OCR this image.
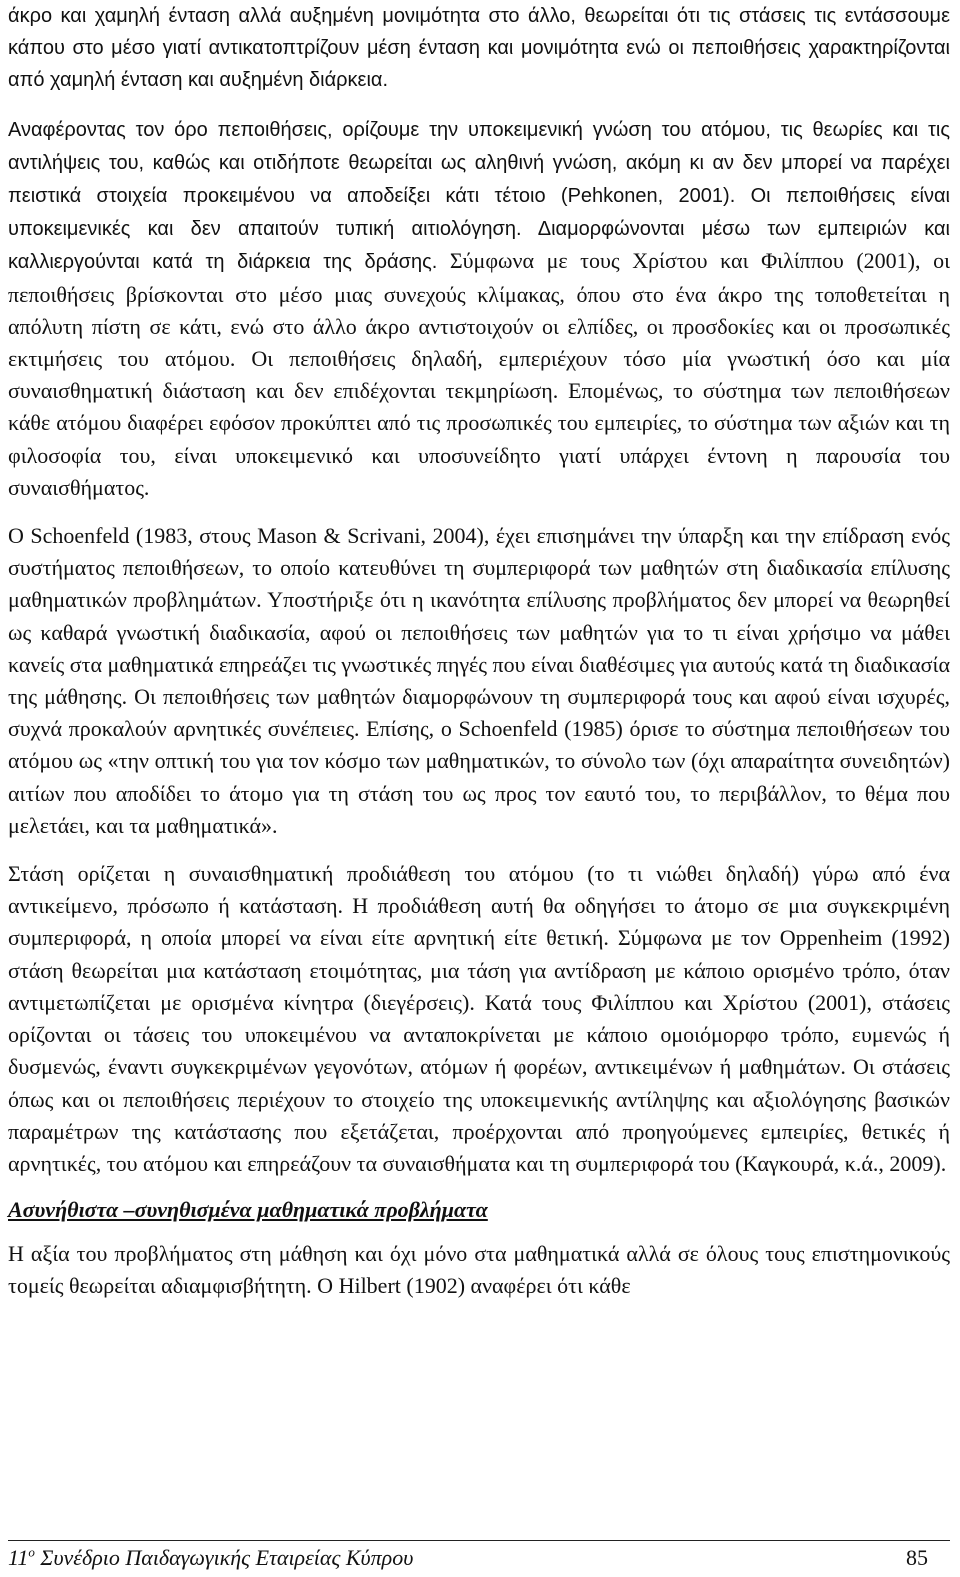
άκρο και χαμηλή ένταση αλλά αυξημένη μονιμότητα στο άλλο, θεωρείται ότι τις στάσεις τις εντάσσουμε κάπου στο μέσο γιατί αντικατοπτρίζουν μέση ένταση και μονιμότητα ενώ οι πεποιθήσεις χαρακτηρίζονται από χαμηλή ένταση και αυξημένη διάρκεια.

Αναφέροντας τον όρο πεποιθήσεις, ορίζουμε την υποκειμενική γνώση του ατόμου, τις θεωρίες και τις αντιλήψεις του, καθώς και οτιδήποτε θεωρείται ως αληθινή γνώση, ακόμη κι αν δεν μπορεί να παρέχει πειστικά στοιχεία προκειμένου να αποδείξει κάτι τέτοιο (Pehkonen, 2001). Οι πεποιθήσεις είναι υποκειμενικές και δεν απαιτούν τυπική αιτιολόγηση. Διαμορφώνονται μέσω των εμπειριών και καλλιεργούνται κατά τη διάρκεια της δράσης. Σύμφωνα με τους Χρίστου και Φιλίππου (2001), οι πεποιθήσεις βρίσκονται στο μέσο μιας συνεχούς κλίμακας, όπου στο ένα άκρο της τοποθετείται η απόλυτη πίστη σε κάτι, ενώ στο άλλο άκρο αντιστοιχούν οι ελπίδες, οι προσδοκίες και οι προσωπικές εκτιμήσεις του ατόμου. Οι πεποιθήσεις δηλαδή, εμπεριέχουν τόσο μία γνωστική όσο και μία συναισθηματική διάσταση και δεν επιδέχονται τεκμηρίωση. Επομένως, το σύστημα των πεποιθήσεων κάθε ατόμου διαφέρει εφόσον προκύπτει από τις προσωπικές του εμπειρίες, το σύστημα των αξιών και τη φιλοσοφία του, είναι υποκειμενικό και υποσυνείδητο γιατί υπάρχει έντονη η παρουσία του συναισθήματος.

Ο Schoenfeld (1983, στους Mason & Scrivani, 2004), έχει επισημάνει την ύπαρξη και την επίδραση ενός συστήματος πεποιθήσεων, το οποίο κατευθύνει τη συμπεριφορά των μαθητών στη διαδικασία επίλυσης μαθηματικών προβλημάτων. Υποστήριξε ότι η ικανότητα επίλυσης προβλήματος δεν μπορεί να θεωρηθεί ως καθαρά γνωστική διαδικασία, αφού οι πεποιθήσεις των μαθητών για το τι είναι χρήσιμο να μάθει κανείς στα μαθηματικά επηρεάζει τις γνωστικές πηγές που είναι διαθέσιμες για αυτούς κατά τη διαδικασία της μάθησης. Οι πεποιθήσεις των μαθητών διαμορφώνουν τη συμπεριφορά τους και αφού είναι ισχυρές, συχνά προκαλούν αρνητικές συνέπειες. Επίσης, ο Schoenfeld (1985) όρισε το σύστημα πεποιθήσεων του ατόμου ως «την οπτική του για τον κόσμο των μαθηματικών, το σύνολο των (όχι απαραίτητα συνειδητών) αιτίων που αποδίδει το άτομο για τη στάση του ως προς τον εαυτό του, το περιβάλλον, το θέμα που μελετάει, και τα μαθηματικά».

Στάση ορίζεται η συναισθηματική προδιάθεση του ατόμου (το τι νιώθει δηλαδή) γύρω από ένα αντικείμενο, πρόσωπο ή κατάσταση. Η προδιάθεση αυτή θα οδηγήσει το άτομο σε μια συγκεκριμένη συμπεριφορά, η οποία μπορεί να είναι είτε αρνητική είτε θετική. Σύμφωνα με τον Oppenheim (1992) στάση θεωρείται μια κατάσταση ετοιμότητας, μια τάση για αντίδραση με κάποιο ορισμένο τρόπο, όταν αντιμετωπίζεται με ορισμένα κίνητρα (διεγέρσεις). Κατά τους Φιλίππου και Χρίστου (2001), στάσεις ορίζονται οι τάσεις του υποκειμένου να ανταποκρίνεται με κάποιο ομοιόμορφο τρόπο, ευμενώς ή δυσμενώς, έναντι συγκεκριμένων γεγονότων, ατόμων ή φορέων, αντικειμένων ή μαθημάτων. Οι στάσεις όπως και οι πεποιθήσεις περιέχουν το στοιχείο της υποκειμενικής αντίληψης και αξιολόγησης βασικών παραμέτρων της κατάστασης που εξετάζεται, προέρχονται από προηγούμενες εμπειρίες, θετικές ή αρνητικές, του ατόμου και επηρεάζουν τα συναισθήματα και τη συμπεριφορά του (Καγκουρά, κ.ά., 2009).

Ασυνήθιστα –συνηθισμένα μαθηματικά προβλήματα

Η αξία του προβλήματος στη μάθηση και όχι μόνο στα μαθηματικά αλλά σε όλους τους επιστημονικούς τομείς θεωρείται αδιαμφισβήτητη. Ο Hilbert (1902) αναφέρει ότι κάθε

$11^o$ Συνέδριο Παιδαγωγικής Εταιρείας Κύπρου	85
